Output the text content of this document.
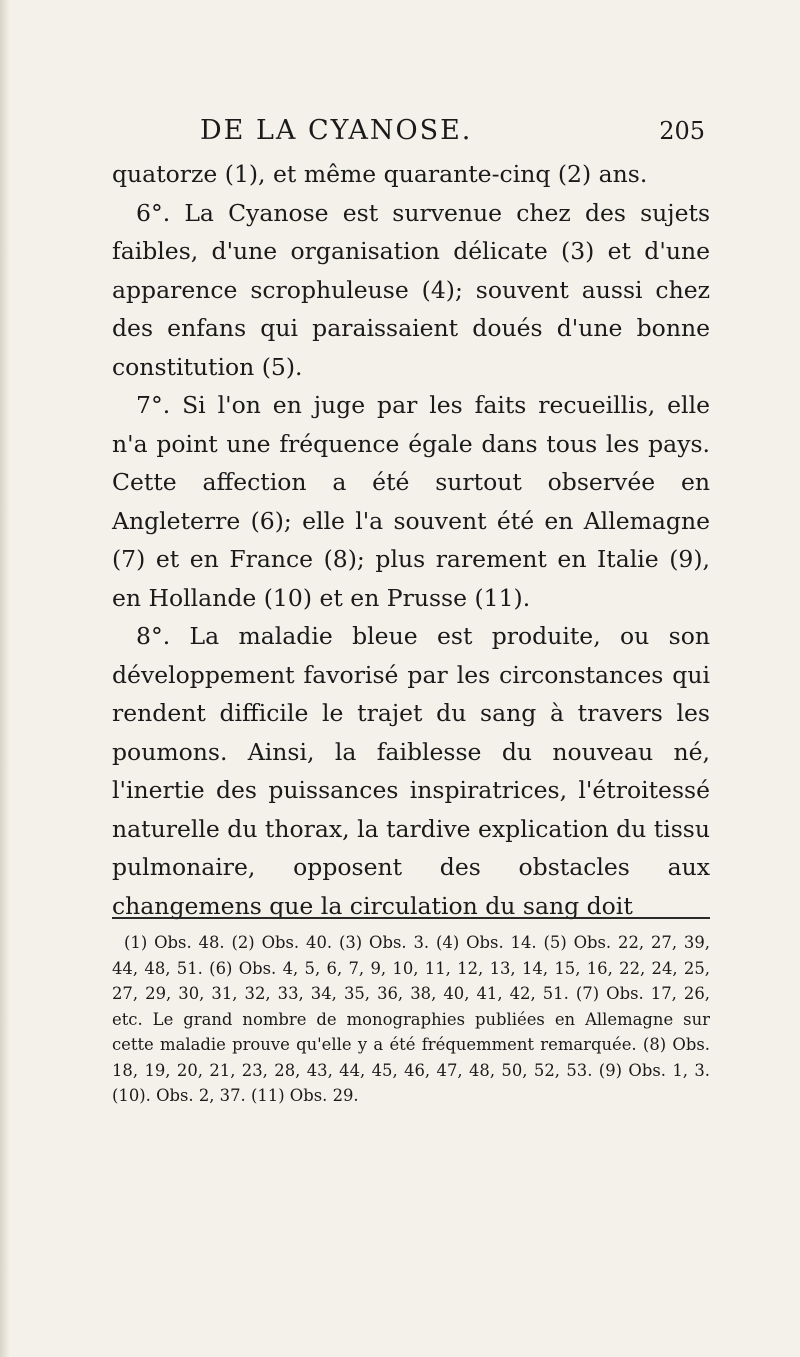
DE LA CYANOSE.	205

quatorze (1), et même quarante-cinq (2) ans.

6°. La Cyanose est survenue chez des sujets faibles, d'une organisation délicate (3) et d'une apparence scrophuleuse (4); souvent aussi chez des enfans qui paraissaient doués d'une bonne constitution (5).

7°. Si l'on en juge par les faits recueillis, elle n'a point une fréquence égale dans tous les pays. Cette affection a été surtout observée en Angleterre (6); elle l'a souvent été en Allemagne (7) et en France (8); plus rarement en Italie (9), en Hollande (10) et en Prusse (11).

8°. La maladie bleue est produite, ou son développement favorisé par les circonstances qui rendent difficile le trajet du sang à travers les poumons. Ainsi, la faiblesse du nouveau né, l'inertie des puissances inspiratrices, l'étroitessé naturelle du thorax, la tardive explication du tissu pulmonaire, opposent des obstacles aux changemens que la circulation du sang doit

(1) Obs. 48. (2) Obs. 40. (3) Obs. 3. (4) Obs. 14. (5) Obs. 22, 27, 39, 44, 48, 51. (6) Obs. 4, 5, 6, 7, 9, 10, 11, 12, 13, 14, 15, 16, 22, 24, 25, 27, 29, 30, 31, 32, 33, 34, 35, 36, 38, 40, 41, 42, 51. (7) Obs. 17, 26, etc. Le grand nombre de monographies publiées en Allemagne sur cette maladie prouve qu'elle y a été fréquemment remarquée. (8) Obs. 18, 19, 20, 21, 23, 28, 43, 44, 45, 46, 47, 48, 50, 52, 53. (9) Obs. 1, 3. (10). Obs. 2, 37. (11) Obs. 29.
